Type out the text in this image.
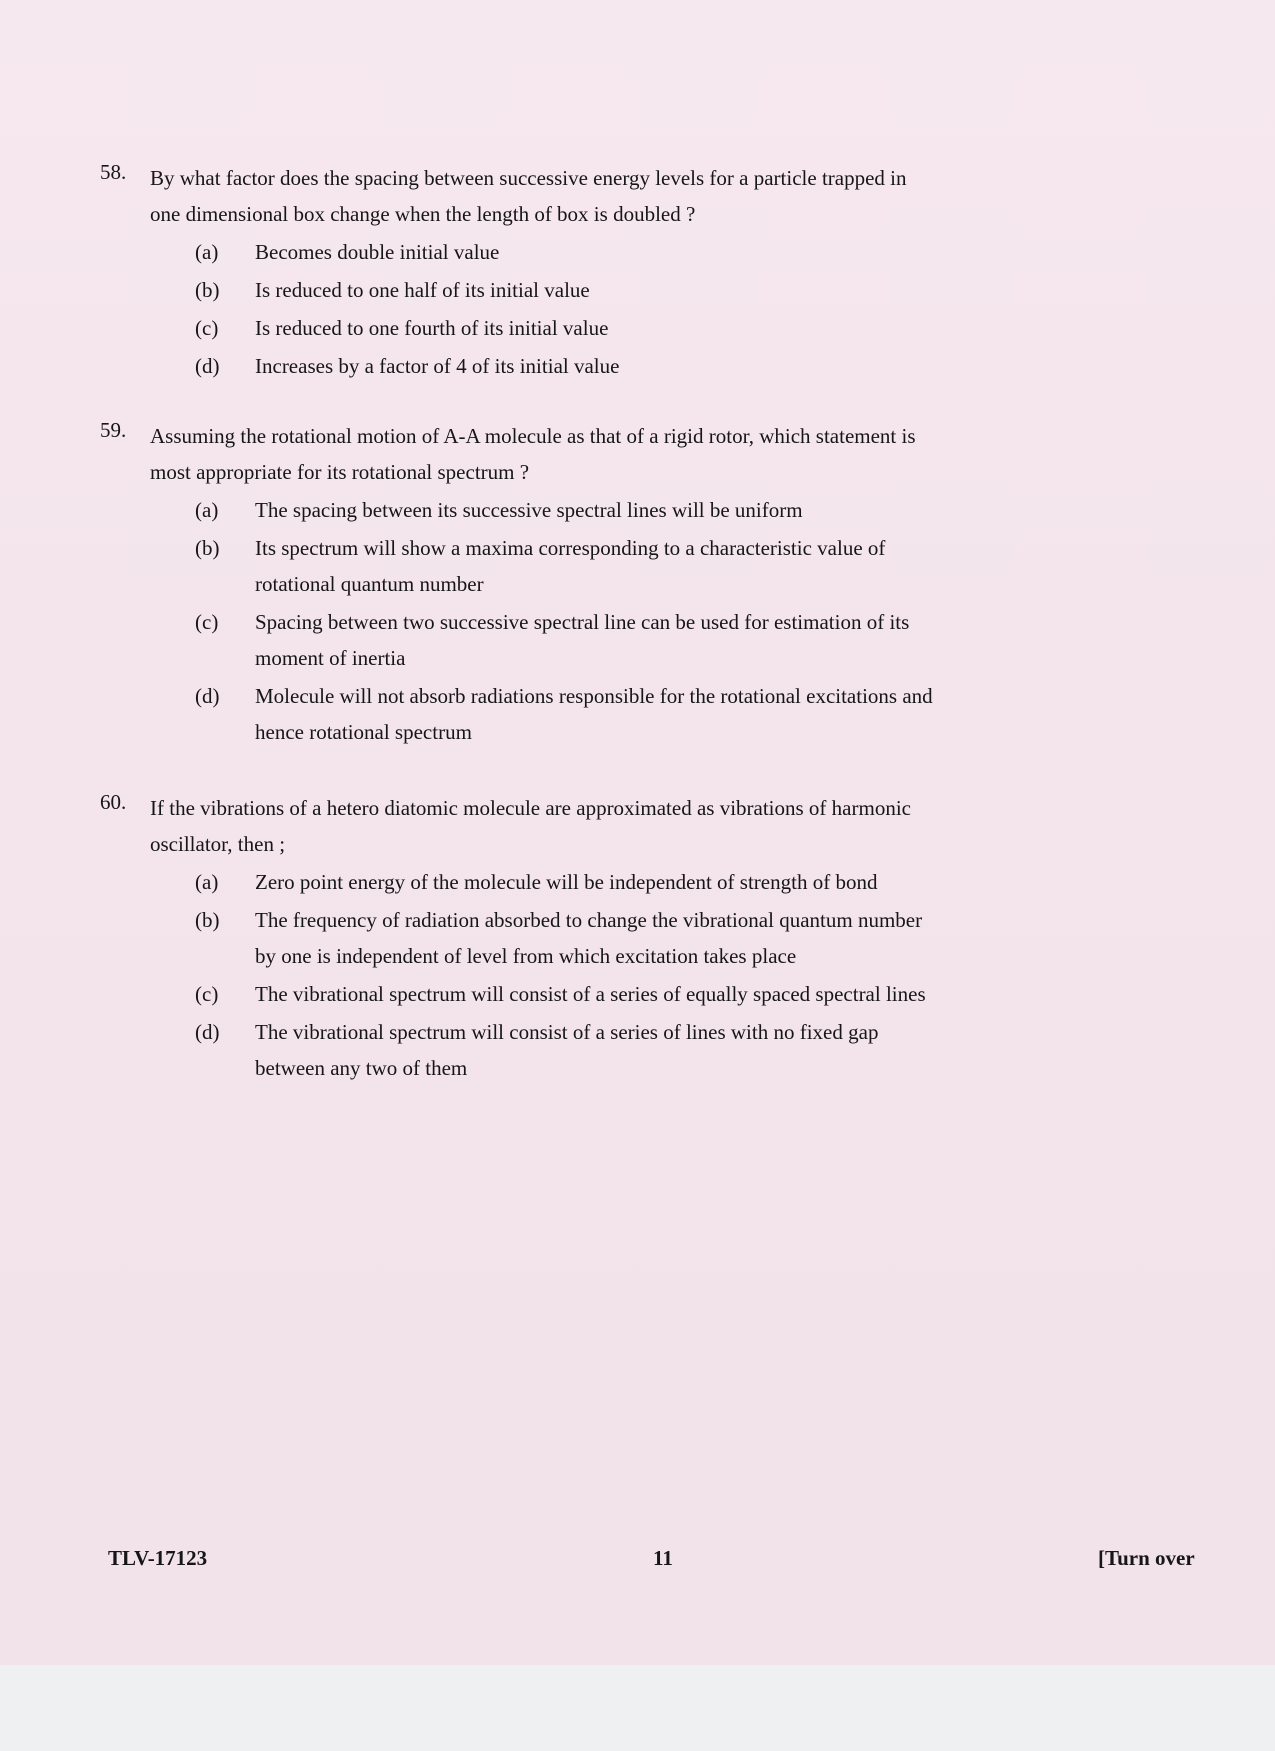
58. By what factor does the spacing between successive energy levels for a particle trapped in one dimensional box change when the length of box is doubled ?
(a) Becomes double initial value
(b) Is reduced to one half of its initial value
(c) Is reduced to one fourth of its initial value
(d) Increases by a factor of 4 of its initial value
59. Assuming the rotational motion of A-A molecule as that of a rigid rotor, which statement is most appropriate for its rotational spectrum ?
(a) The spacing between its successive spectral lines will be uniform
(b) Its spectrum will show a maxima corresponding to a characteristic value of rotational quantum number
(c) Spacing between two successive spectral line can be used for estimation of its moment of inertia
(d) Molecule will not absorb radiations responsible for the rotational excitations and hence rotational spectrum
60. If the vibrations of a hetero diatomic molecule are approximated as vibrations of harmonic oscillator, then ;
(a) Zero point energy of the molecule will be independent of strength of bond
(b) The frequency of radiation absorbed to change the vibrational quantum number by one is independent of level from which excitation takes place
(c) The vibrational spectrum will consist of a series of equally spaced spectral lines
(d) The vibrational spectrum will consist of a series of lines with no fixed gap between any two of them
TLV-17123	11	[Turn over
